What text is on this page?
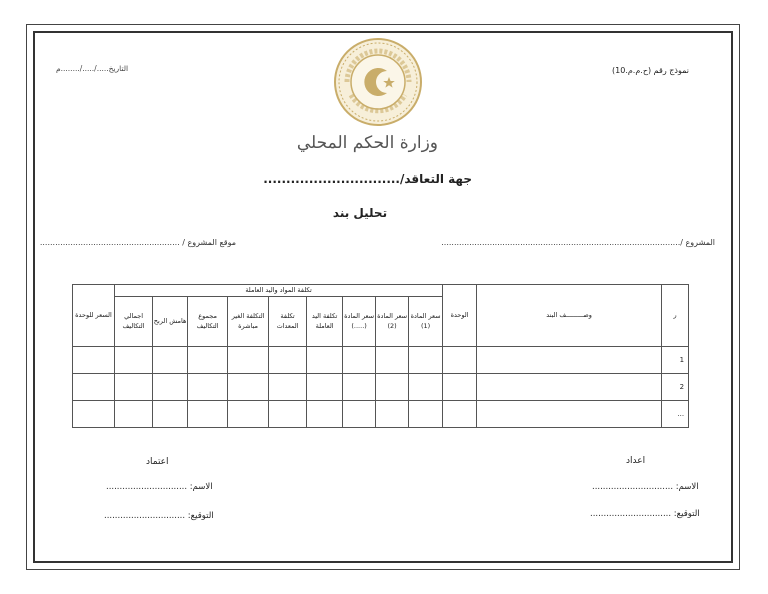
نموذج رقم (ح.م.م.10)
التاريخ...../...../........م
وزارة الحكم المحلي
جهة التعاقد/..............................
تحليل بند
المشروع /..............................................................................................
موقع المشروع / .......................................................
ر	وصـــــــــف البند	الوحدة	تكلفة المواد واليد العاملة									السعر للوحدة
			سعر المادة (1)	سعر المادة (2)	سعر المادة (.....)	تكلفة اليد العاملة	تكلفة المعدات	التكلفة الغير مباشرة	مجموع التكاليف	هامش الربح	اجمالي التكاليف	
1												
2												
...												
اعداد
الاسم: ..............................
التوقيع: ..............................
اعتماد
الاسم: ..............................
التوقيع: ..............................
